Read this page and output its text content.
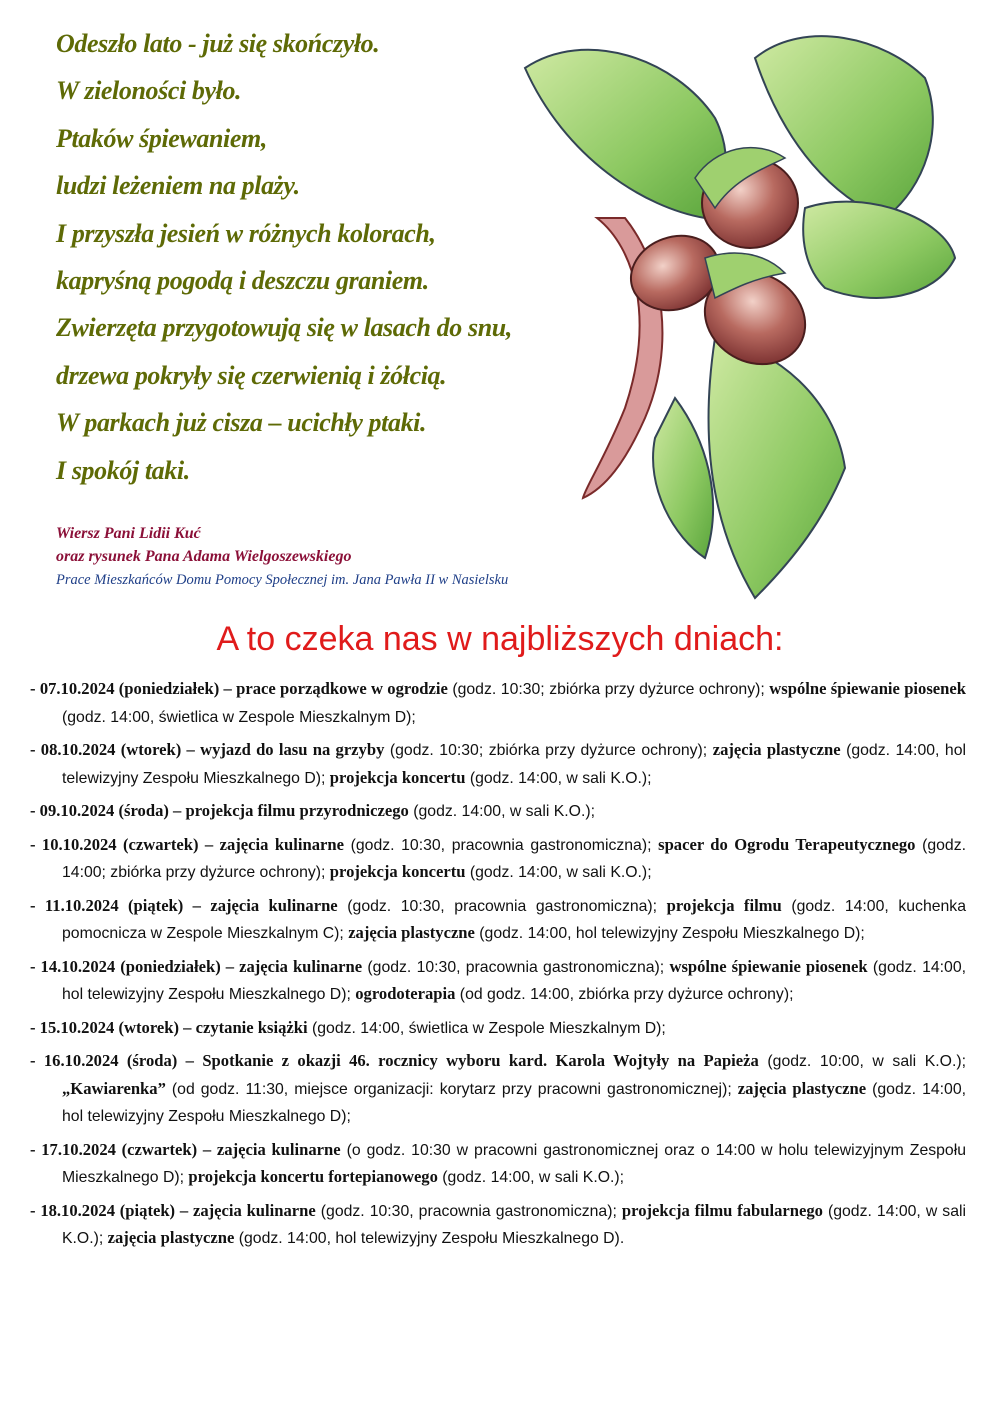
Odeszło lato - już się skończyło.
W zieloności było.
Ptaków śpiewaniem,
ludzi leżeniem na plaży.
I przyszła jesień w różnych kolorach,
kapryśną pogodą i deszczu graniem.
Zwierzęta przygotowują się w lasach do snu,
drzewa pokryły się czerwienią i żółcią.
W parkach już cisza – ucichły ptaki.
I spokój taki.
Wiersz Pani Lidii Kuć
oraz rysunek Pana Adama Wielgoszewskiego
Prace Mieszkańców Domu Pomocy Społecznej im. Jana Pawła II w Nasielsku
A to czeka nas w najbliższych dniach:
- 07.10.2024 (poniedziałek) – prace porządkowe w ogrodzie (godz. 10:30; zbiórka przy dyżurce ochrony); wspólne śpiewanie piosenek (godz. 14:00, świetlica w Zespole Mieszkalnym D);
- 08.10.2024 (wtorek) – wyjazd do lasu na grzyby (godz. 10:30; zbiórka przy dyżurce ochrony); zajęcia plastyczne (godz. 14:00, hol telewizyjny Zespołu Mieszkalnego D); projekcja koncertu (godz. 14:00, w sali K.O.);
- 09.10.2024 (środa) – projekcja filmu przyrodniczego (godz. 14:00, w sali K.O.);
- 10.10.2024 (czwartek) – zajęcia kulinarne (godz. 10:30, pracownia gastronomiczna); spacer do Ogrodu Terapeutycznego (godz. 14:00; zbiórka przy dyżurce ochrony); projekcja koncertu (godz. 14:00, w sali K.O.);
- 11.10.2024 (piątek) – zajęcia kulinarne (godz. 10:30, pracownia gastronomiczna); projekcja filmu (godz. 14:00, kuchenka pomocnicza w Zespole Mieszkalnym C); zajęcia plastyczne (godz. 14:00, hol telewizyjny Zespołu Mieszkalnego D);
- 14.10.2024 (poniedziałek) – zajęcia kulinarne (godz. 10:30, pracownia gastronomiczna); wspólne śpiewanie piosenek (godz. 14:00, hol telewizyjny Zespołu Mieszkalnego D); ogrodoterapia (od godz. 14:00, zbiórka przy dyżurce ochrony);
- 15.10.2024 (wtorek) – czytanie książki (godz. 14:00, świetlica w Zespole Mieszkalnym D);
- 16.10.2024 (środa) – Spotkanie z okazji 46. rocznicy wyboru kard. Karola Wojtyły na Papieża (godz. 10:00, w sali K.O.); „Kawiarenka” (od godz. 11:30, miejsce organizacji: korytarz przy pracowni gastronomicznej); zajęcia plastyczne (godz. 14:00, hol telewizyjny Zespołu Mieszkalnego D);
- 17.10.2024 (czwartek) – zajęcia kulinarne (o godz. 10:30 w pracowni gastronomicznej oraz o 14:00 w holu telewizyjnym Zespołu Mieszkalnego D); projekcja koncertu fortepianowego (godz. 14:00, w sali K.O.);
- 18.10.2024 (piątek) – zajęcia kulinarne (godz. 10:30, pracownia gastronomiczna); projekcja filmu fabularnego (godz. 14:00, w sali K.O.); zajęcia plastyczne (godz. 14:00, hol telewizyjny Zespołu Mieszkalnego D).
